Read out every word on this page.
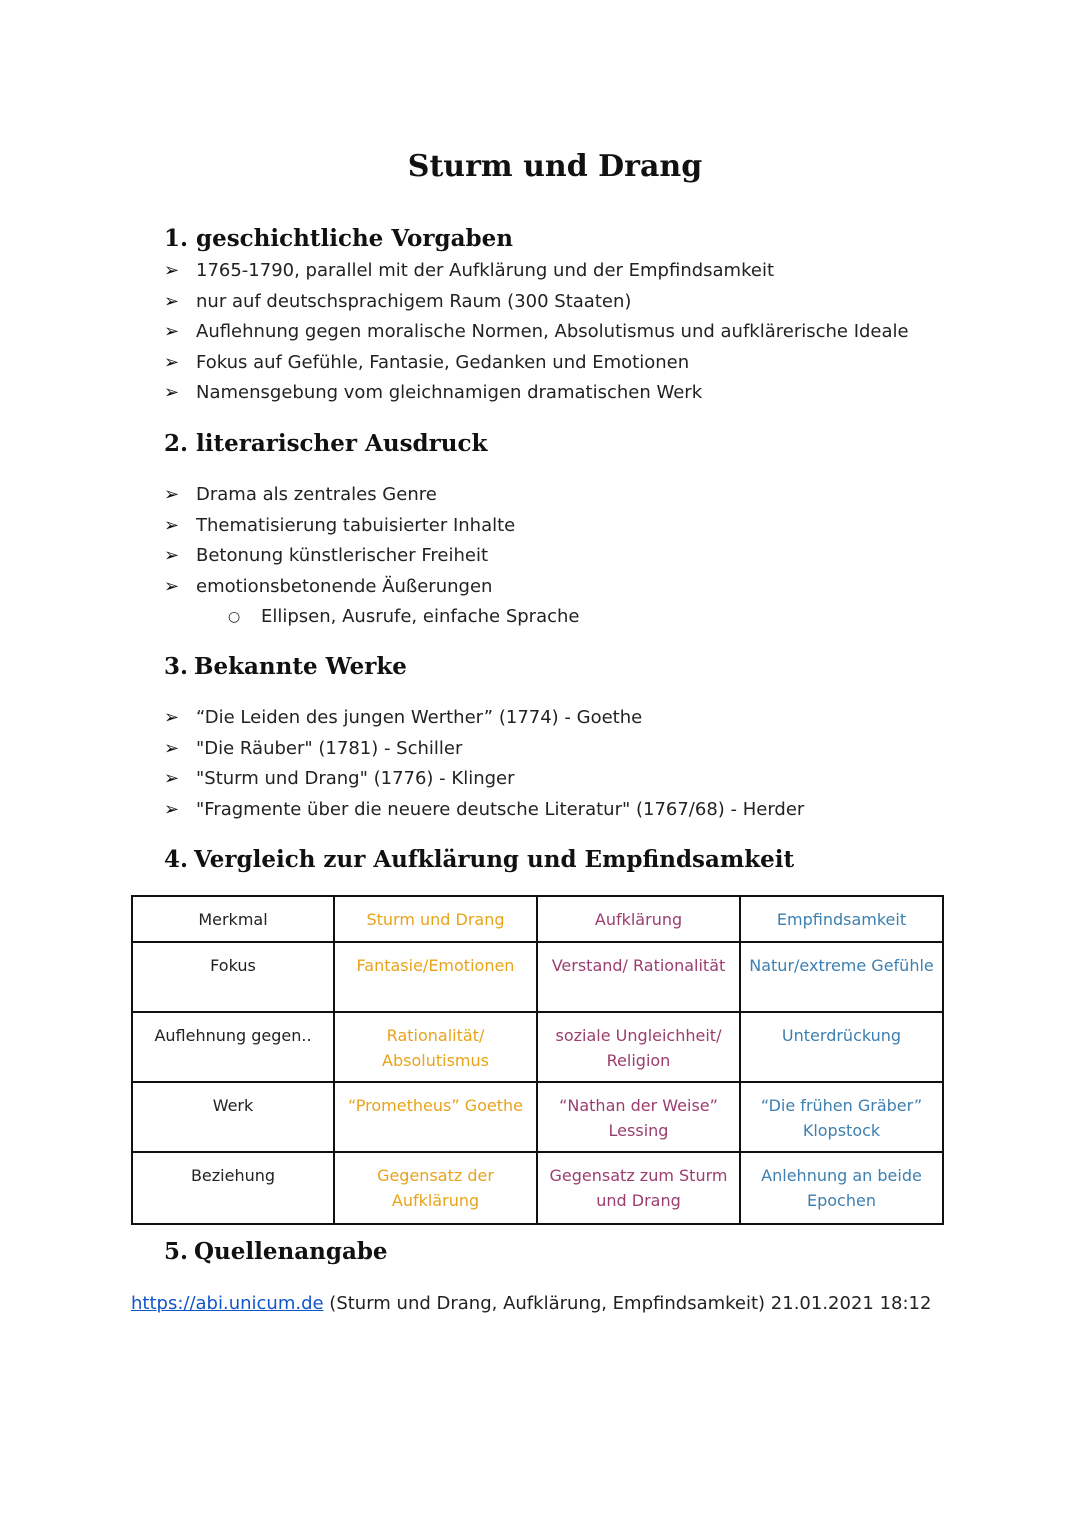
Sturm und Drang
1. geschichtliche Vorgaben
➢ 1765-1790, parallel mit der Aufklärung und der Empfindsamkeit
➢ nur auf deutschsprachigem Raum (300 Staaten)
➢ Auflehnung gegen moralische Normen, Absolutismus und aufklärerische Ideale
➢ Fokus auf Gefühle, Fantasie, Gedanken und Emotionen
➢ Namensgebung vom gleichnamigen dramatischen Werk
2. literarischer Ausdruck
➢ Drama als zentrales Genre
➢ Thematisierung tabuisierter Inhalte
➢ Betonung künstlerischer Freiheit
➢ emotionsbetonende Äußerungen
○ Ellipsen, Ausrufe, einfache Sprache
3. Bekannte Werke
➢ “Die Leiden des jungen Werther” (1774) - Goethe
➢ "Die Räuber" (1781) - Schiller
➢ "Sturm und Drang" (1776) - Klinger
➢ "Fragmente über die neuere deutsche Literatur" (1767/68) - Herder
4. Vergleich zur Aufklärung und Empfindsamkeit
Merkmal	Sturm und Drang	Aufklärung	Empfindsamkeit
Fokus	Fantasie/Emotionen	Verstand/ Rationalität	Natur/extreme Gefühle
Auflehnung gegen..	Rationalität/ Absolutismus	soziale Ungleichheit/ Religion	Unterdrückung
Werk	“Prometheus” Goethe	“Nathan der Weise” Lessing	“Die frühen Gräber” Klopstock
Beziehung	Gegensatz der Aufklärung	Gegensatz zum Sturm und Drang	Anlehnung an beide Epochen
5. Quellenangabe
https://abi.unicum.de (Sturm und Drang, Aufklärung, Empfindsamkeit) 21.01.2021 18:12
